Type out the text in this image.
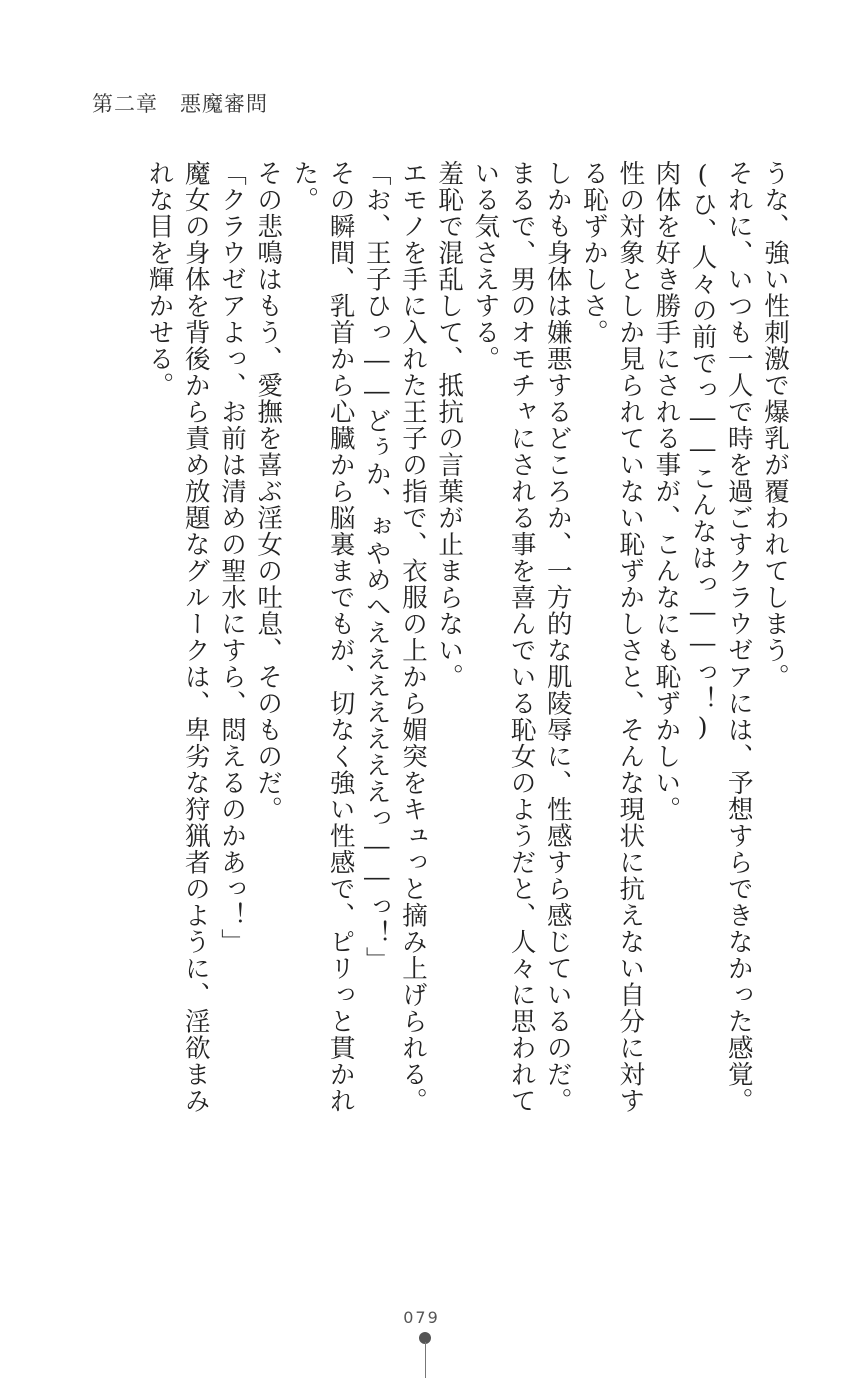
第二章　悪魔審問

うな、強い性刺激で爆乳が覆われてしまう。

それに、いつも一人で時を過ごすクラウゼアには、予想すらできなかった感覚。

(ひ、人々の前でっ――こんなはっ――っ！)

肉体を好き勝手にされる事が、こんなにも恥ずかしい。

性の対象としか見られていない恥ずかしさと、そんな現状に抗えない自分に対する恥ずかしさ。

しかも身体は嫌悪するどころか、一方的な肌陵辱に、性感すら感じているのだ。

まるで、男のオモチャにされる事を喜んでいる恥女のようだと、人々に思われている気さえする。

羞恥で混乱して、抵抗の言葉が止まらない。

エモノを手に入れた王子の指で、衣服の上から媚突をキュっと摘み上げられる。

「お、王子ひっ――どぅか、ぉやめへえええええええっ――っ！」

その瞬間、乳首から心臓から脳裏までもが、切なく強い性感で、ピリっと貫かれた。

その悲鳴はもう、愛撫を喜ぶ淫女の吐息、そのものだ。

「クラウゼアよっ、お前は清めの聖水にすら、悶えるのかあっ！」

魔女の身体を背後から責め放題なグルークは、卑劣な狩猟者のように、淫欲まみれな目を輝かせる。

079
